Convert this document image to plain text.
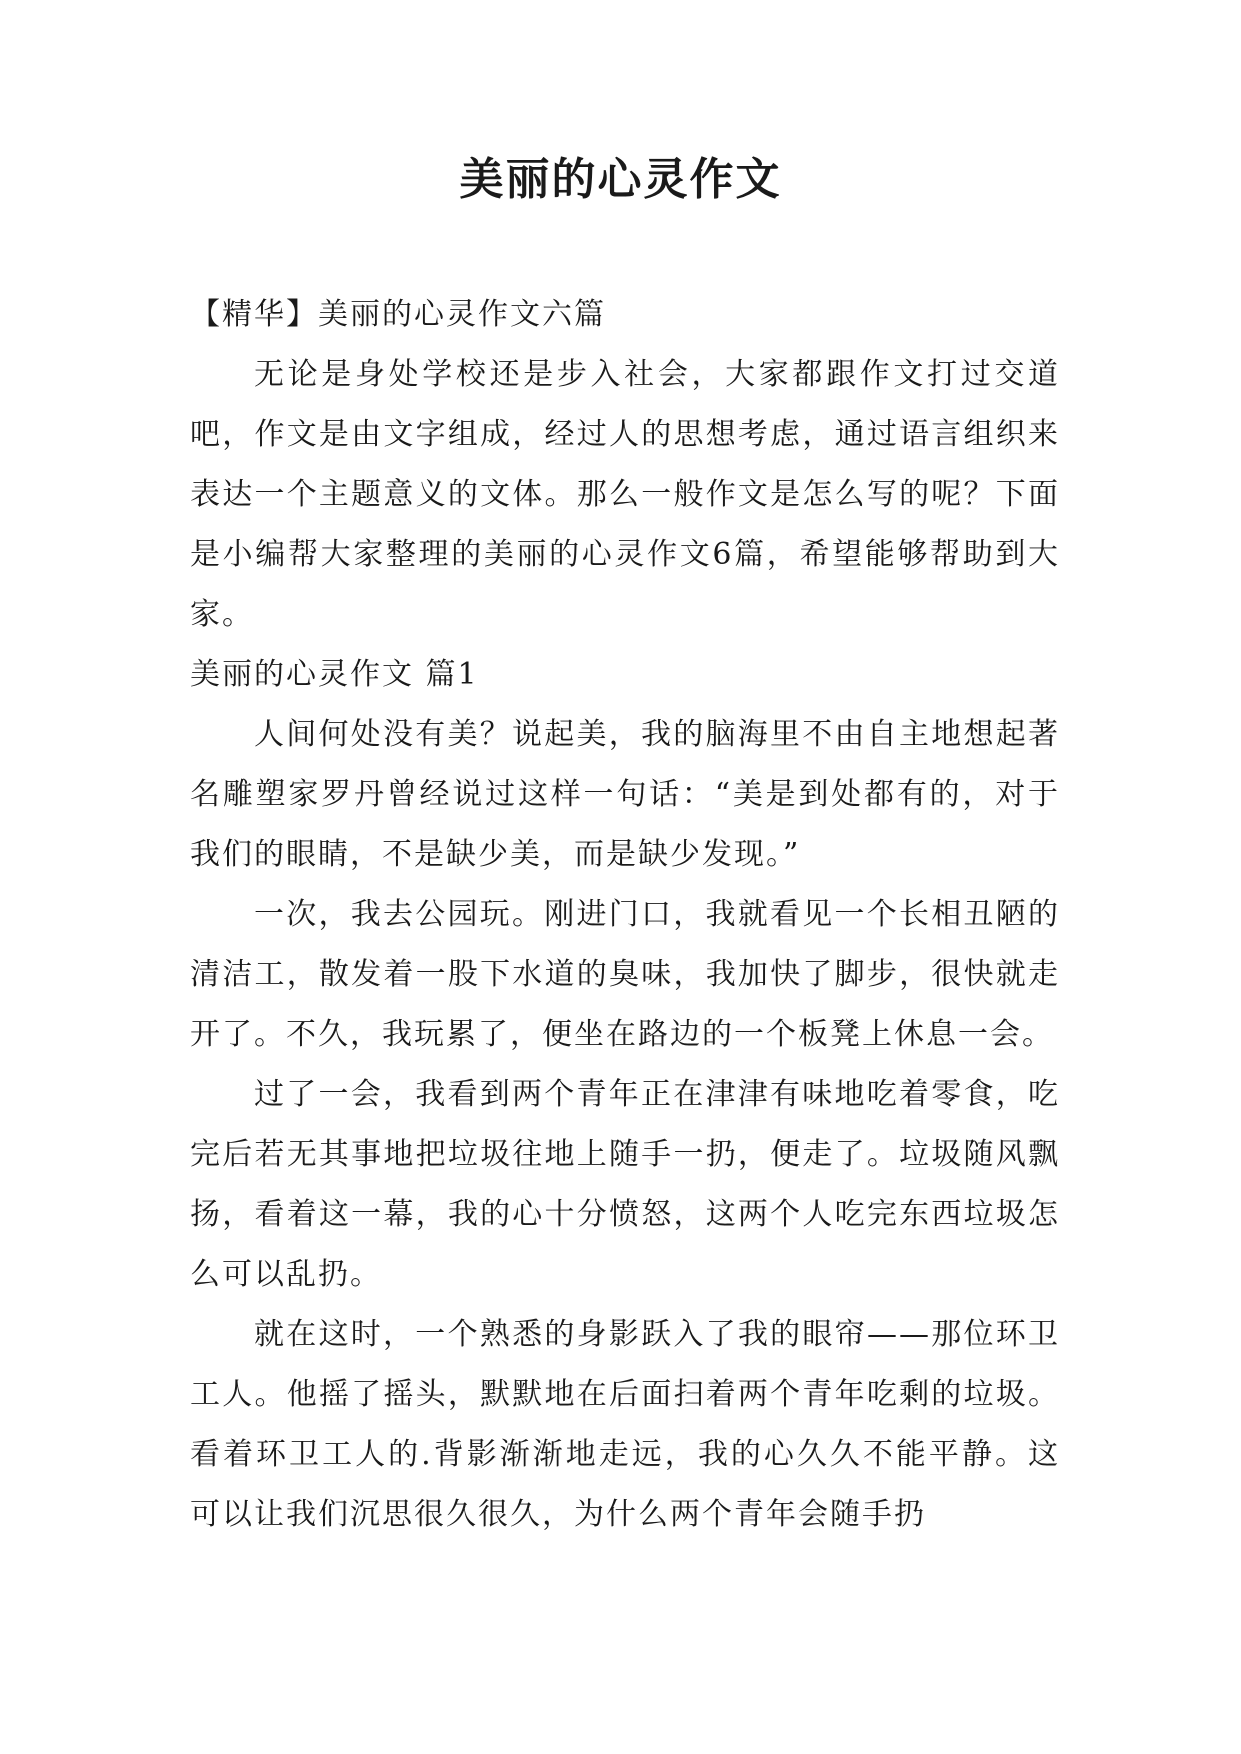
美丽的心灵作文

【精华】美丽的心灵作文六篇

无论是身处学校还是步入社会，大家都跟作文打过交道吧，作文是由文字组成，经过人的思想考虑，通过语言组织来表达一个主题意义的文体。那么一般作文是怎么写的呢？下面是小编帮大家整理的美丽的心灵作文6篇，希望能够帮助到大家。

美丽的心灵作文 篇1

人间何处没有美？说起美，我的脑海里不由自主地想起著名雕塑家罗丹曾经说过这样一句话：“美是到处都有的，对于我们的眼睛，不是缺少美，而是缺少发现。”

一次，我去公园玩。刚进门口，我就看见一个长相丑陋的清洁工，散发着一股下水道的臭味，我加快了脚步，很快就走开了。不久，我玩累了，便坐在路边的一个板凳上休息一会。

过了一会，我看到两个青年正在津津有味地吃着零食，吃完后若无其事地把垃圾往地上随手一扔，便走了。垃圾随风飘扬，看着这一幕，我的心十分愤怒，这两个人吃完东西垃圾怎么可以乱扔。

就在这时，一个熟悉的身影跃入了我的眼帘——那位环卫工人。他摇了摇头，默默地在后面扫着两个青年吃剩的垃圾。看着环卫工人的.背影渐渐地走远，我的心久久不能平静。这可以让我们沉思很久很久，为什么两个青年会随手扔
